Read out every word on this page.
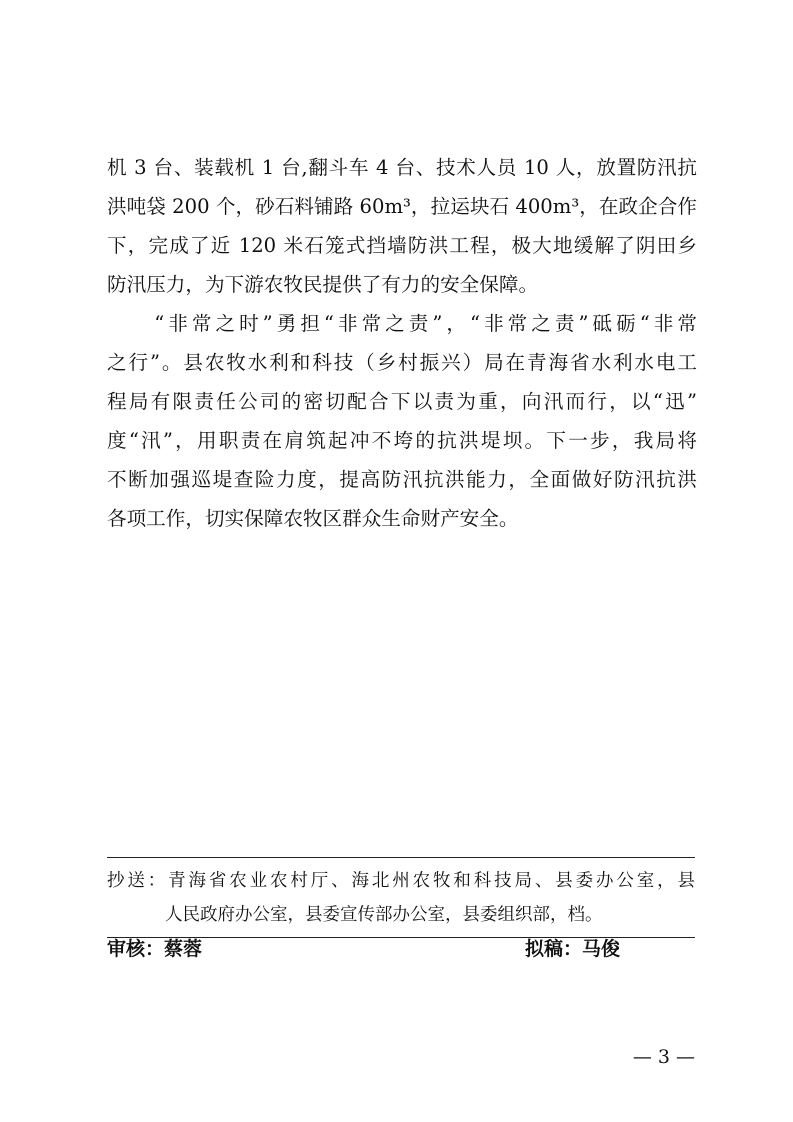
机 3 台、装载机 1 台,翻斗车 4 台、技术人员 10 人，放置防汛抗
洪吨袋 200 个，砂石料铺路 60m³，拉运块石 400m³，在政企合作
下，完成了近 120 米石笼式挡墙防洪工程，极大地缓解了阴田乡
防汛压力，为下游农牧民提供了有力的安全保障。
　　“非常之时”勇担“非常之责”，“非常之责”砥砺“非常
之行”。县农牧水利和科技（乡村振兴）局在青海省水利水电工
程局有限责任公司的密切配合下以责为重，向汛而行，以“迅”
度“汛”，用职责在肩筑起冲不垮的抗洪堤坝。下一步，我局将
不断加强巡堤查险力度，提高防汛抗洪能力，全面做好防汛抗洪
各项工作，切实保障农牧区群众生命财产安全。
抄送：青海省农业农村厅、海北州农牧和科技局、县委办公室，县
人民政府办公室，县委宣传部办公室，县委组织部，档。
审核：蔡蓉	拟稿：马俊
— 3 —
